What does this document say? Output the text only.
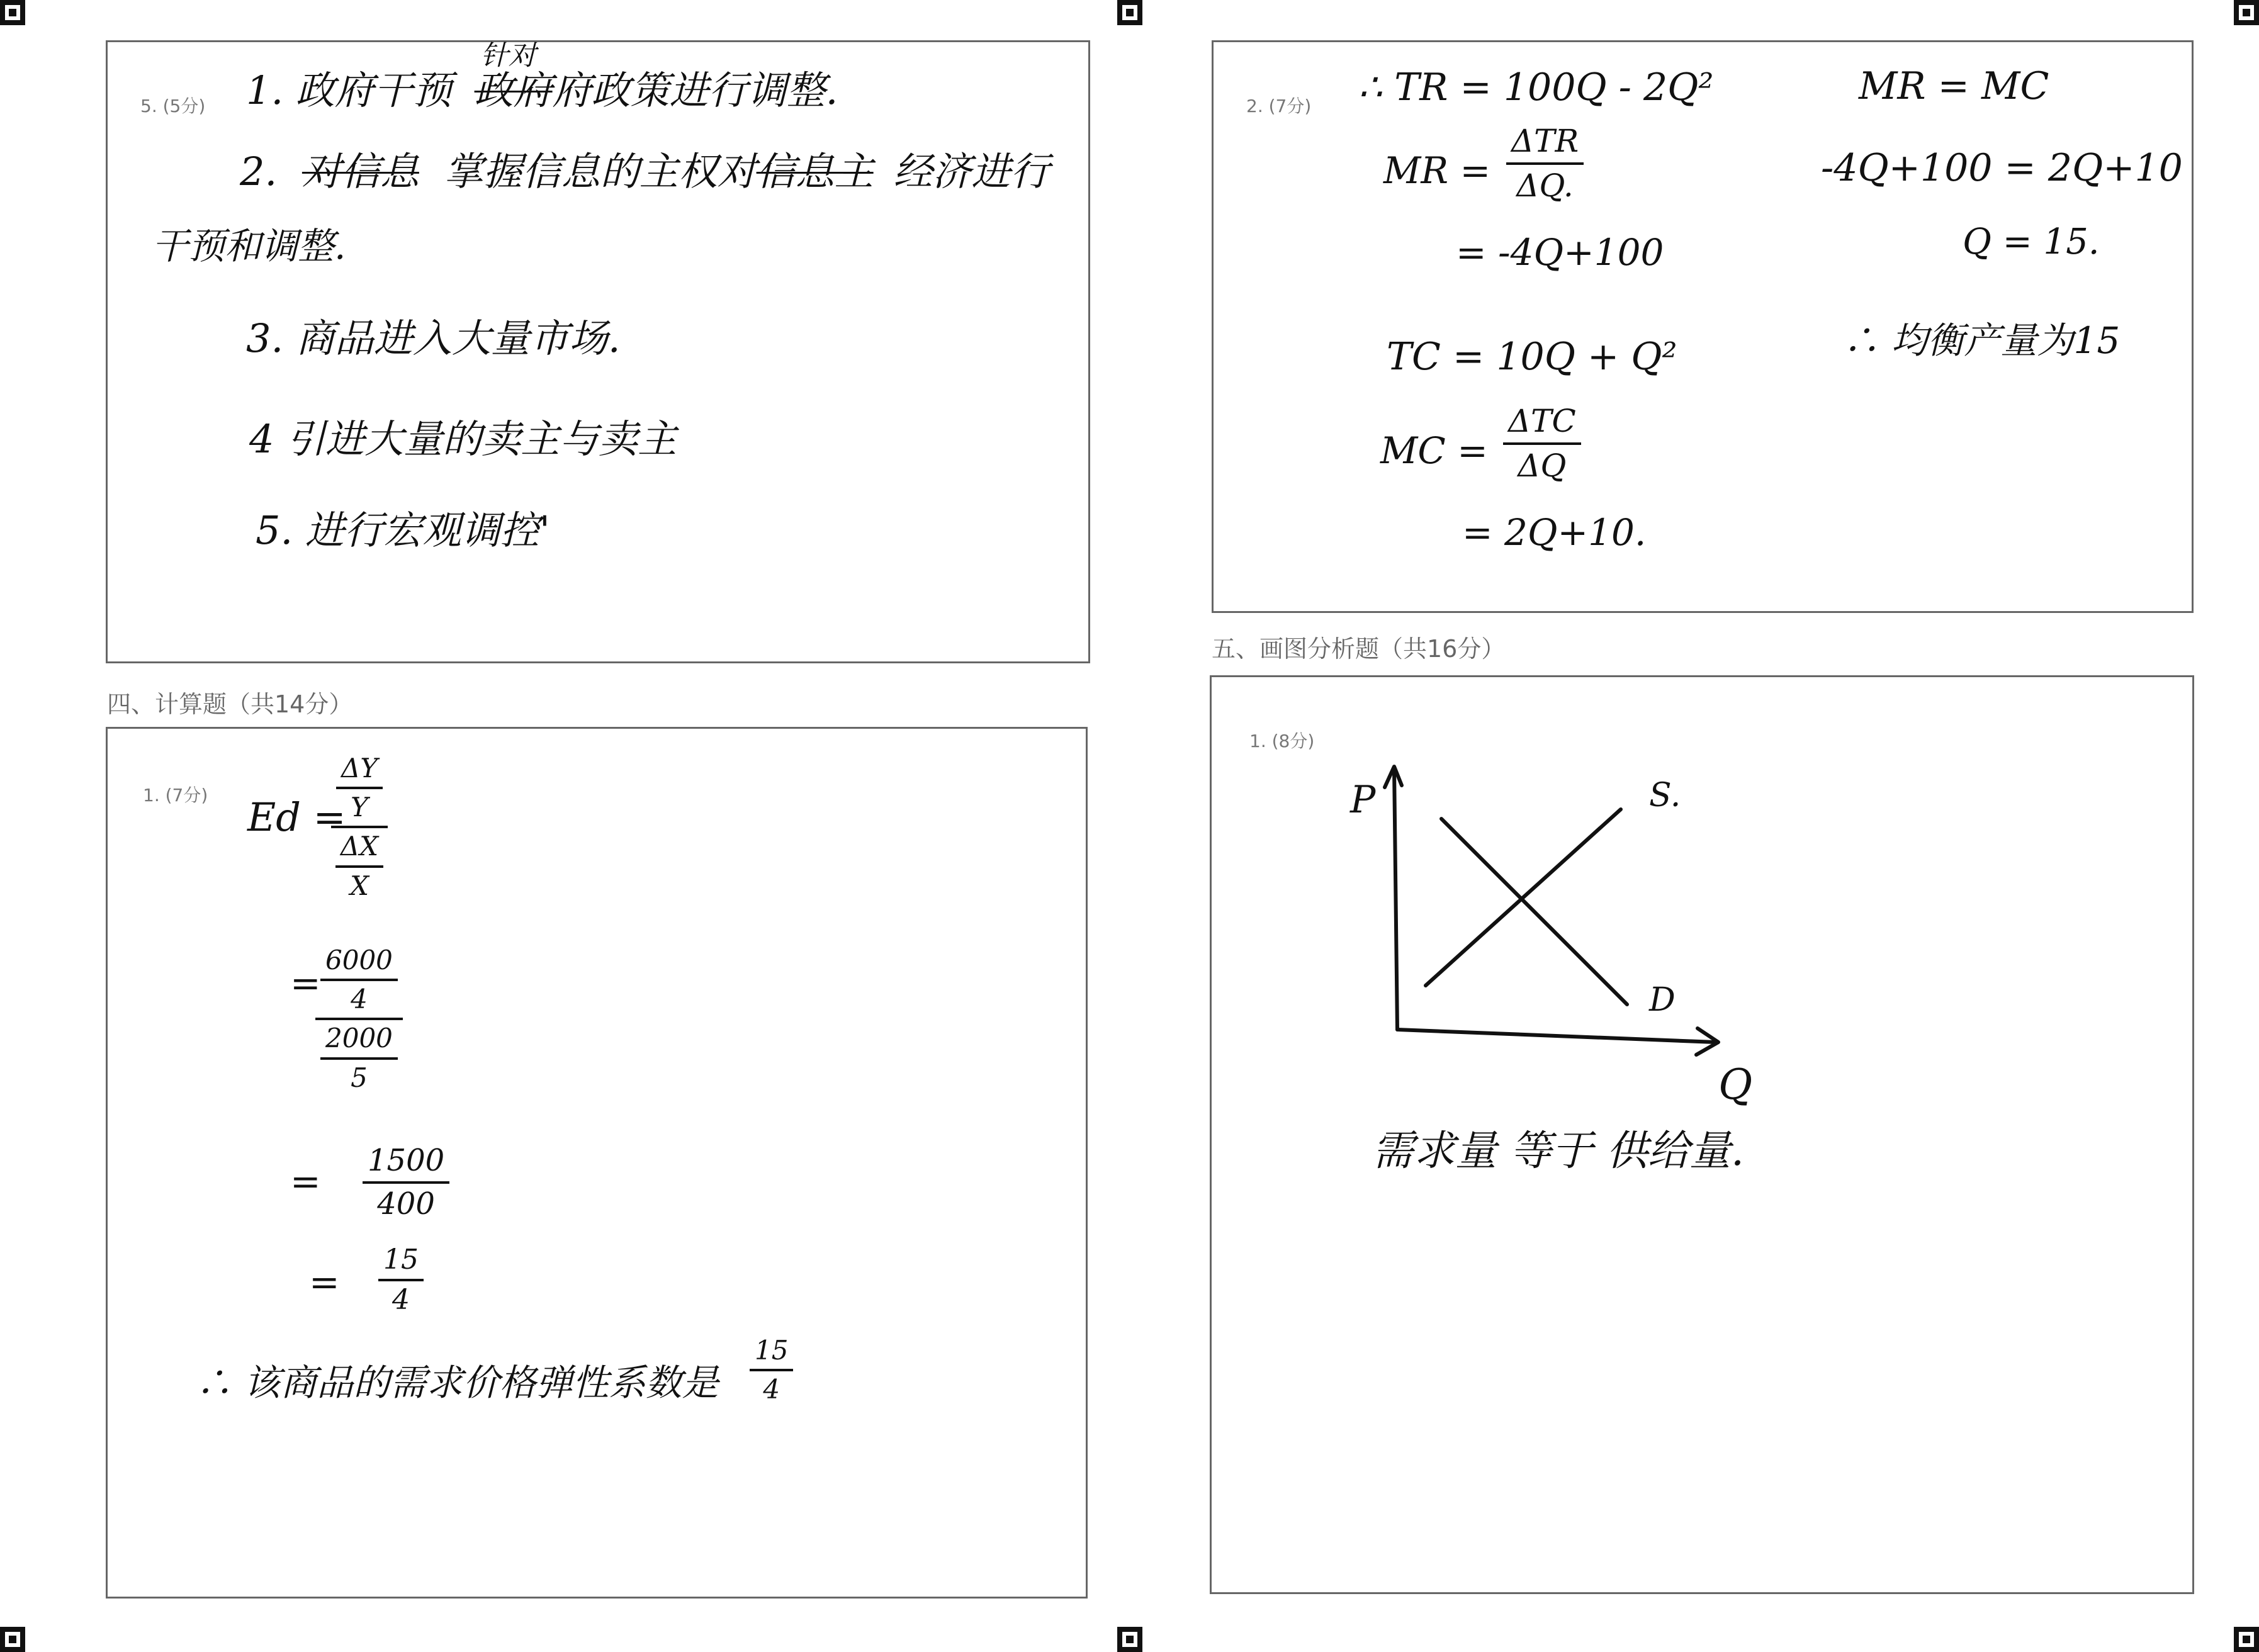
5. (5分) 1. 政府干预
针对
政府府政策进行调整.
2. 对信息 掌握信息的主权对信息主 经济进行
干预和调整.
3. 商品进入大量市场.
4 引进大量的卖主与卖主
5. 进行宏观调控'
四、计算题（共14分）
1. (7分) Ed =
$\frac{\frac{\Delta Y}{Y}}{\frac{\Delta X}{X}}$
=
$\frac{\frac{6000}{4}}{\frac{2000}{5}}$
= $\frac{1500}{400}$
= $\frac{15}{4}$
∴ 该商品的需求价格弹性系数是 $\frac{15}{4}$
2. (7分) ∴ TR = 100Q - 2Q²
MR =
ΔTR
ΔQ.
= -4Q+100
TC = 10Q + Q²
MC =
ΔTC
ΔQ
= 2Q+10.
MR = MC
-4Q+100 = 2Q+10
Q = 15.
∴ 均衡产量为15
五、画图分析题（共16分）
1. (8分)
P
Q
S.
D
需求量 等于 供给量.
